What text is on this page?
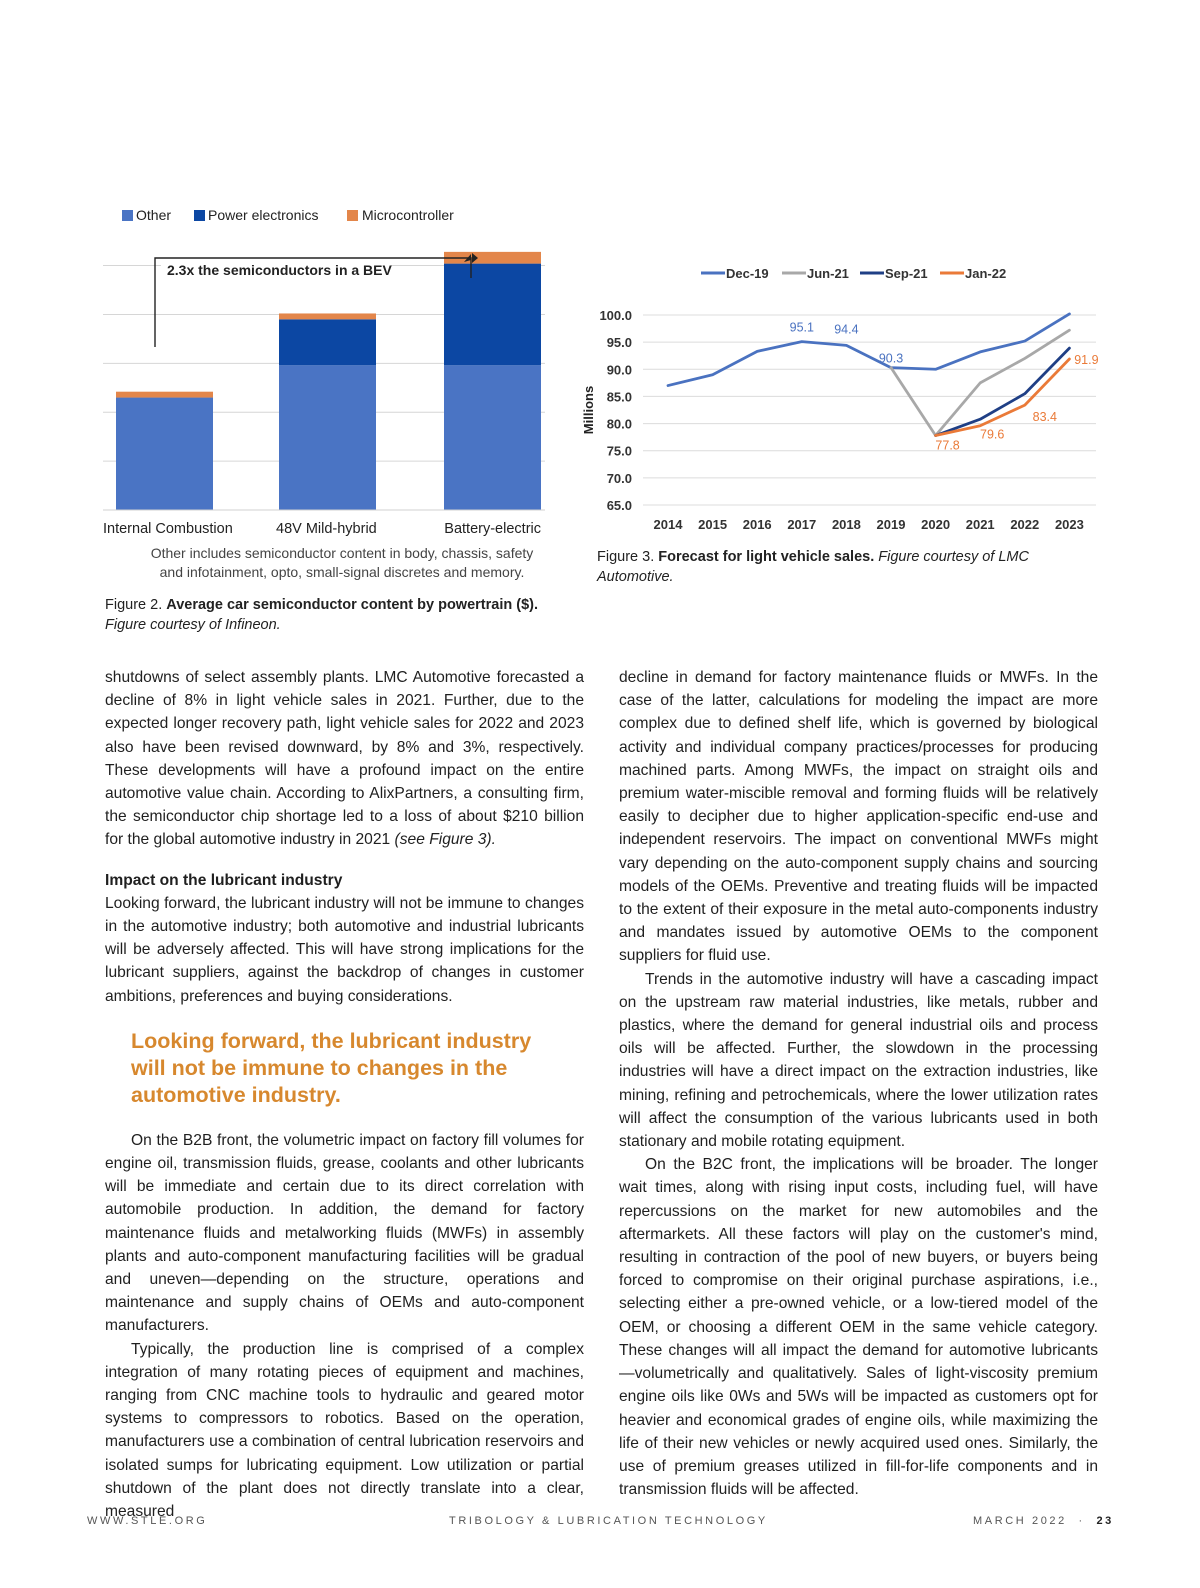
Other	Power electronics	Microcontroller
2.3x the semiconductors in a BEV
Internal Combustion	48V Mild-hybrid	Battery-electric
Other includes semiconductor content in body, chassis, safety
and infotainment, opto, small-signal discretes and memory.
Figure 2. Average car semiconductor content by powertrain ($).
Figure courtesy of Infineon.
Dec-19	Jun-21	Sep-21	Jan-22
Millions
100.0
95.0
90.0
85.0
80.0
75.0
70.0
65.0
2014 2015 2016 2017 2018 2019 2020 2021 2022 2023
95.1 94.4
90.3
77.8
79.6
83.4
91.9
Figure 3. Forecast for light vehicle sales. Figure courtesy of LMC Automotive.

shutdowns of select assembly plants. LMC Automotive forecasted a decline of 8% in light vehicle sales in 2021. Further, due to the expected longer recovery path, light vehicle sales for 2022 and 2023 also have been revised downward, by 8% and 3%, respectively. These developments will have a profound impact on the entire automotive value chain. According to AlixPartners, a consulting firm, the semiconductor chip shortage led to a loss of about $210 billion for the global automotive industry in 2021 (see Figure 3).

Impact on the lubricant industry

Looking forward, the lubricant industry will not be immune to changes in the automotive industry; both automotive and industrial lubricants will be adversely affected. This will have strong implications for the lubricant suppliers, against the backdrop of changes in customer ambitions, preferences and buying considerations.

Looking forward, the lubricant industry will not be immune to changes in the automotive industry.

On the B2B front, the volumetric impact on factory fill volumes for engine oil, transmission fluids, grease, coolants and other lubricants will be immediate and certain due to its direct correlation with automobile production. In addition, the demand for factory maintenance fluids and metalworking fluids (MWFs) in assembly plants and auto-component manufacturing facilities will be gradual and uneven—depending on the structure, operations and maintenance and supply chains of OEMs and auto-component manufacturers.

Typically, the production line is comprised of a complex integration of many rotating pieces of equipment and machines, ranging from CNC machine tools to hydraulic and geared motor systems to compressors to robotics. Based on the operation, manufacturers use a combination of central lubrication reservoirs and isolated sumps for lubricating equipment. Low utilization or partial shutdown of the plant does not directly translate into a clear, measured

decline in demand for factory maintenance fluids or MWFs. In the case of the latter, calculations for modeling the impact are more complex due to defined shelf life, which is governed by biological activity and individual company practices/processes for producing machined parts. Among MWFs, the impact on straight oils and premium water-miscible removal and forming fluids will be relatively easily to decipher due to higher application-specific end-use and independent reservoirs. The impact on conventional MWFs might vary depending on the auto-component supply chains and sourcing models of the OEMs. Preventive and treating fluids will be impacted to the extent of their exposure in the metal auto-components industry and mandates issued by automotive OEMs to the component suppliers for fluid use.

Trends in the automotive industry will have a cascading impact on the upstream raw material industries, like metals, rubber and plastics, where the demand for general industrial oils and process oils will be affected. Further, the slowdown in the processing industries will have a direct impact on the extraction industries, like mining, refining and petrochemicals, where the lower utilization rates will affect the consumption of the various lubricants used in both stationary and mobile rotating equipment.

On the B2C front, the implications will be broader. The longer wait times, along with rising input costs, including fuel, will have repercussions on the market for new automobiles and the aftermarkets. All these factors will play on the customer's mind, resulting in contraction of the pool of new buyers, or buyers being forced to compromise on their original purchase aspirations, i.e., selecting either a pre-owned vehicle, or a low-tiered model of the OEM, or choosing a different OEM in the same vehicle category. These changes will all impact the demand for automotive lubricants—volumetrically and qualitatively. Sales of light-viscosity premium engine oils like 0Ws and 5Ws will be impacted as customers opt for heavier and economical grades of engine oils, while maximizing the life of their new vehicles or newly acquired used ones. Similarly, the use of premium greases utilized in fill-for-life components and in transmission fluids will be affected.

WWW.STLE.ORG	TRIBOLOGY & LUBRICATION TECHNOLOGY	MARCH 2022 · 23
